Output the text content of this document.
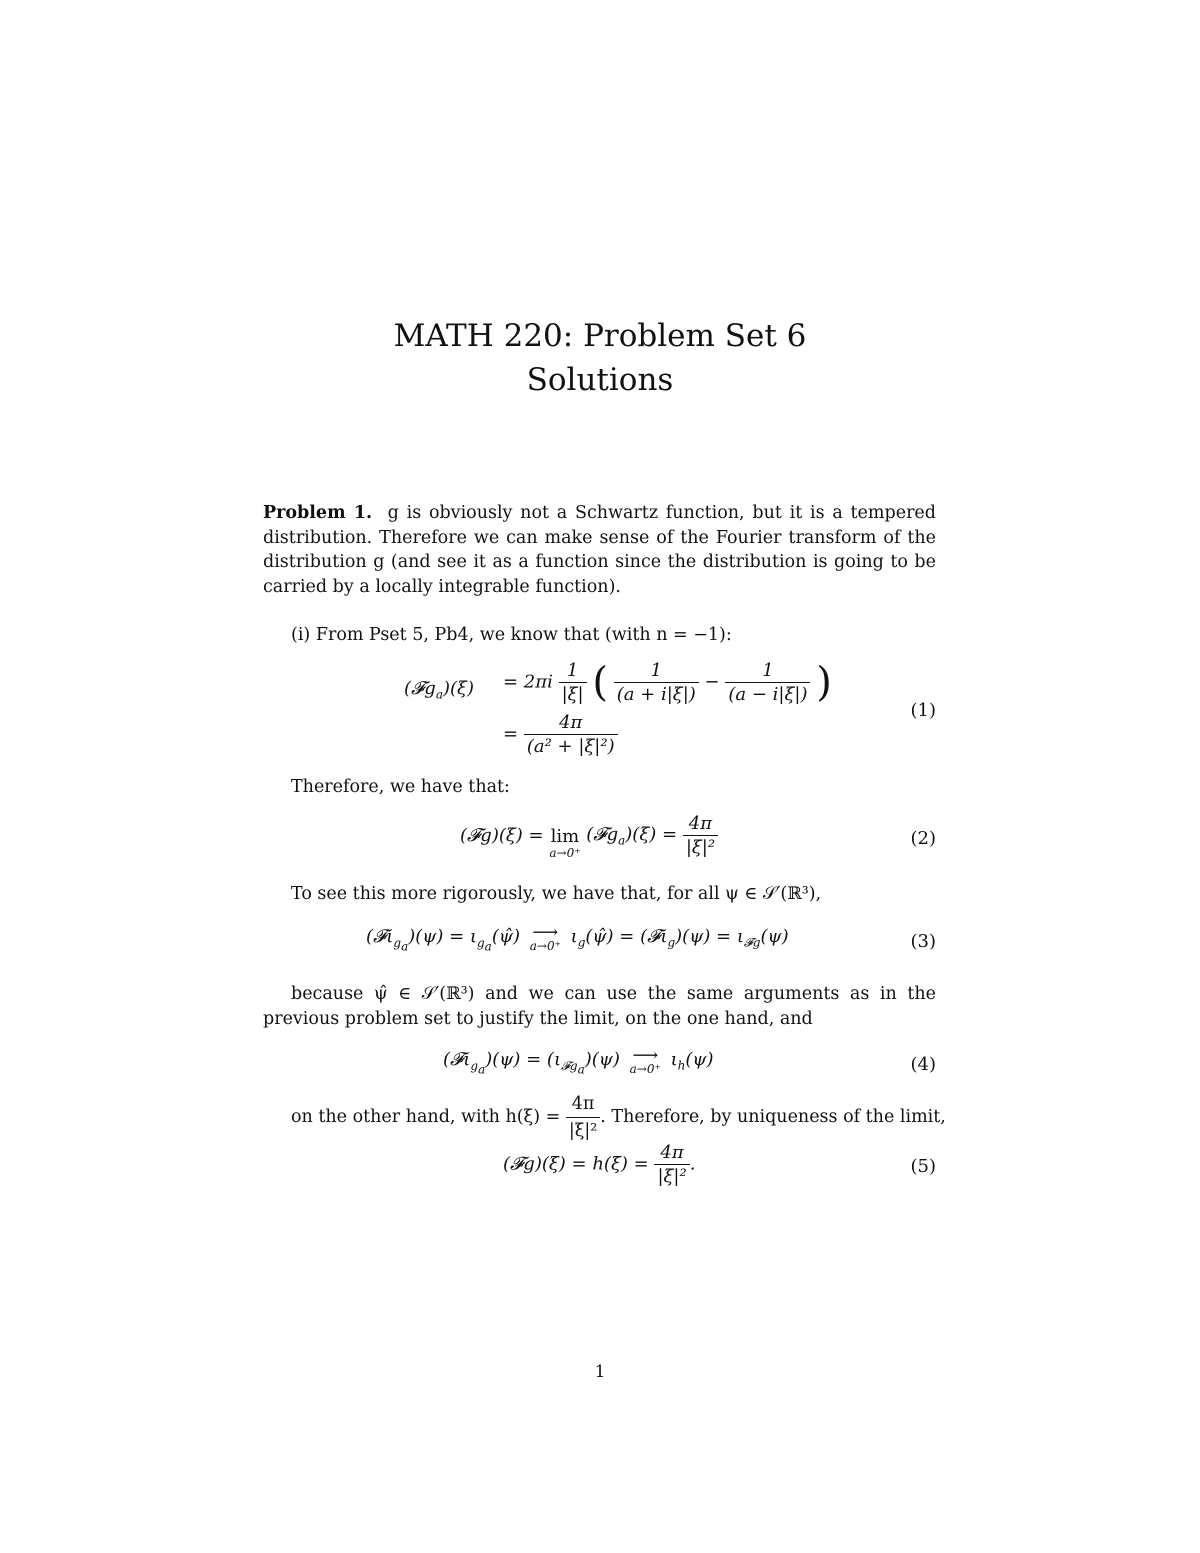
MATH 220: Problem Set 6
Solutions
Problem 1. g is obviously not a Schwartz function, but it is a tempered distribution. Therefore we can make sense of the Fourier transform of the distribution g (and see it as a function since the distribution is going to be carried by a locally integrable function).
(i) From Pset 5, Pb4, we know that (with n = −1):
(𝓕g$_a$)(ξ) = $2\pi i \frac{1}{|\xi|}$ ( $\frac{1}{(a + i|\xi|)} - \frac{1}{(a - i|\xi|)}$ )
= $\frac{4\pi}{\text{(a² + |ξ|²)}}$
(1)
Therefore, we have that:
(𝓕g)(ξ) = lim
a→0⁺
(𝓕g$_a$)(ξ) = $\frac{4\pi}{\text{|ξ|²}}$	(2)
To see this more rigorously, we have that, for all ψ ∈ 𝒮′(ℝ³),
(𝓕ι$_{g_a}$)(ψ) = $\iota_{g_a}(\psî)$ ⟶
a→0⁺ $\iota_g(\psî)$ = (𝓕ι$_g$)(ψ) = $\iota_{𝓕g}(\psi)$	(3)
because ψ̂ ∈ 𝒮′(ℝ³) and we can use the same arguments as in the previous problem set to justify the limit, on the one hand, and
(𝓕ι$_{g_a}$)(ψ) = $(\iota_{𝓕g_a})(\psi)$ ⟶
a→0⁺ $\iota_h(\psi)$	(4)
on the other hand, with $h(\xi) = \frac{4\pi}{\text{|ξ|²}}$ . Therefore, by uniqueness of the limit,
(𝓕g)(ξ) = $h(\xi) = \frac{4\pi}{\text{|ξ|²}}$ .	(5)
1
